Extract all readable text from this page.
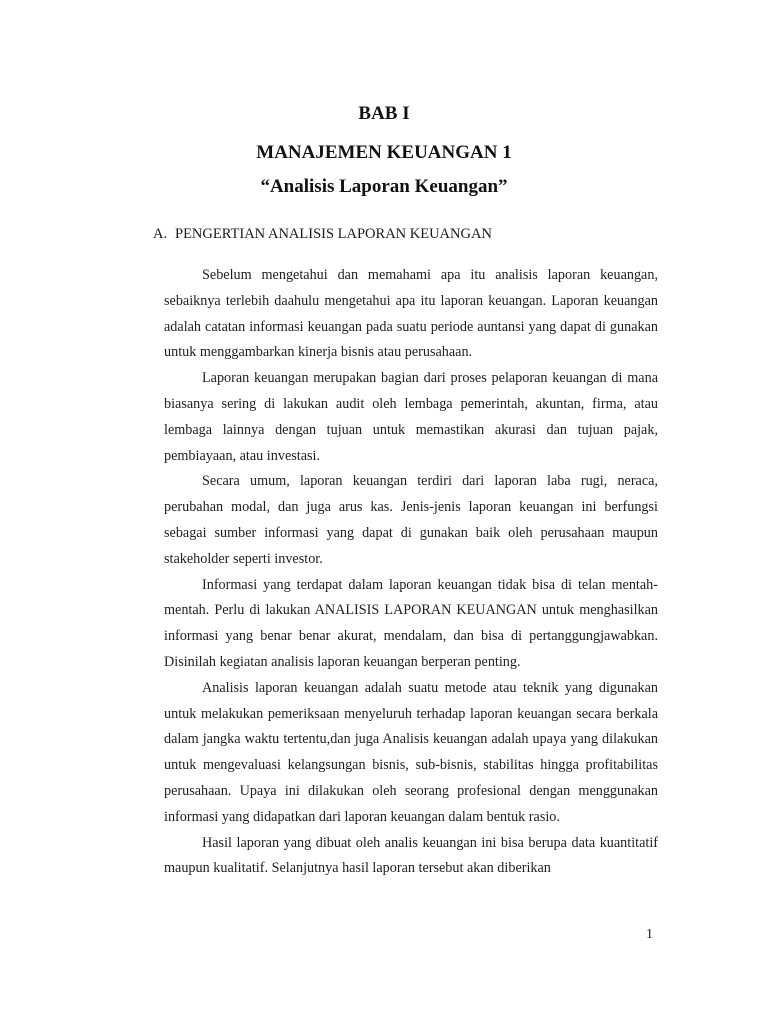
BAB I
MANAJEMEN KEUANGAN 1
“Analisis Laporan Keuangan”

A. PENGERTIAN ANALISIS LAPORAN KEUANGAN

Sebelum mengetahui dan memahami apa itu analisis laporan keuangan, sebaiknya terlebih daahulu mengetahui apa itu laporan keuangan. Laporan keuangan adalah catatan informasi keuangan pada suatu periode auntansi yang dapat di gunakan untuk menggambarkan kinerja bisnis atau perusahaan.

Laporan keuangan merupakan bagian dari proses pelaporan keuangan di mana biasanya sering di lakukan audit oleh lembaga pemerintah, akuntan, firma, atau lembaga lainnya dengan tujuan untuk memastikan akurasi dan tujuan pajak, pembiayaan, atau investasi.

Secara umum, laporan keuangan terdiri dari laporan laba rugi, neraca, perubahan modal, dan juga arus kas. Jenis-jenis laporan keuangan ini berfungsi sebagai sumber informasi yang dapat di gunakan baik oleh perusahaan maupun stakeholder seperti investor.

Informasi yang terdapat dalam laporan keuangan tidak bisa di telan mentah-mentah. Perlu di lakukan ANALISIS LAPORAN KEUANGAN untuk menghasilkan informasi yang benar benar akurat, mendalam, dan bisa di pertanggungjawabkan. Disinilah kegiatan analisis laporan keuangan berperan penting.

Analisis laporan keuangan adalah suatu metode atau teknik yang digunakan untuk melakukan pemeriksaan menyeluruh terhadap laporan keuangan secara berkala dalam jangka waktu tertentu,dan juga Analisis keuangan adalah upaya yang dilakukan untuk mengevaluasi kelangsungan bisnis, sub-bisnis, stabilitas hingga profitabilitas perusahaan. Upaya ini dilakukan oleh seorang profesional dengan menggunakan informasi yang didapatkan dari laporan keuangan dalam bentuk rasio.

Hasil laporan yang dibuat oleh analis keuangan ini bisa berupa data kuantitatif maupun kualitatif. Selanjutnya hasil laporan tersebut akan diberikan

1
